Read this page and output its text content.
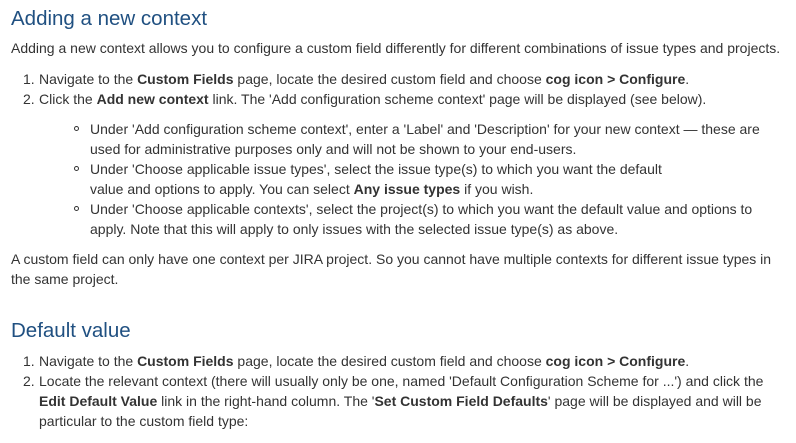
Adding a new context

Adding a new context allows you to configure a custom field differently for different combinations of issue types and projects.

1. Navigate to the Custom Fields page, locate the desired custom field and choose cog icon > Configure.
2. Click the Add new context link. The 'Add configuration scheme context' page will be displayed (see below).
Under 'Add configuration scheme context', enter a 'Label' and 'Description' for your new context — these are
used for administrative purposes only and will not be shown to your end-users.
Under 'Choose applicable issue types', select the issue type(s) to which you want the default
value and options to apply. You can select Any issue types if you wish.
Under 'Choose applicable contexts', select the project(s) to which you want the default value and options to
apply. Note that this will apply to only issues with the selected issue type(s) as above.

A custom field can only have one context per JIRA project. So you cannot have multiple contexts for different issue types in
the same project.

Default value
1. Navigate to the Custom Fields page, locate the desired custom field and choose cog icon > Configure.
2. Locate the relevant context (there will usually only be one, named 'Default Configuration Scheme for ...') and click the
Edit Default Value link in the right-hand column. The 'Set Custom Field Defaults' page will be displayed and will be
particular to the custom field type:
